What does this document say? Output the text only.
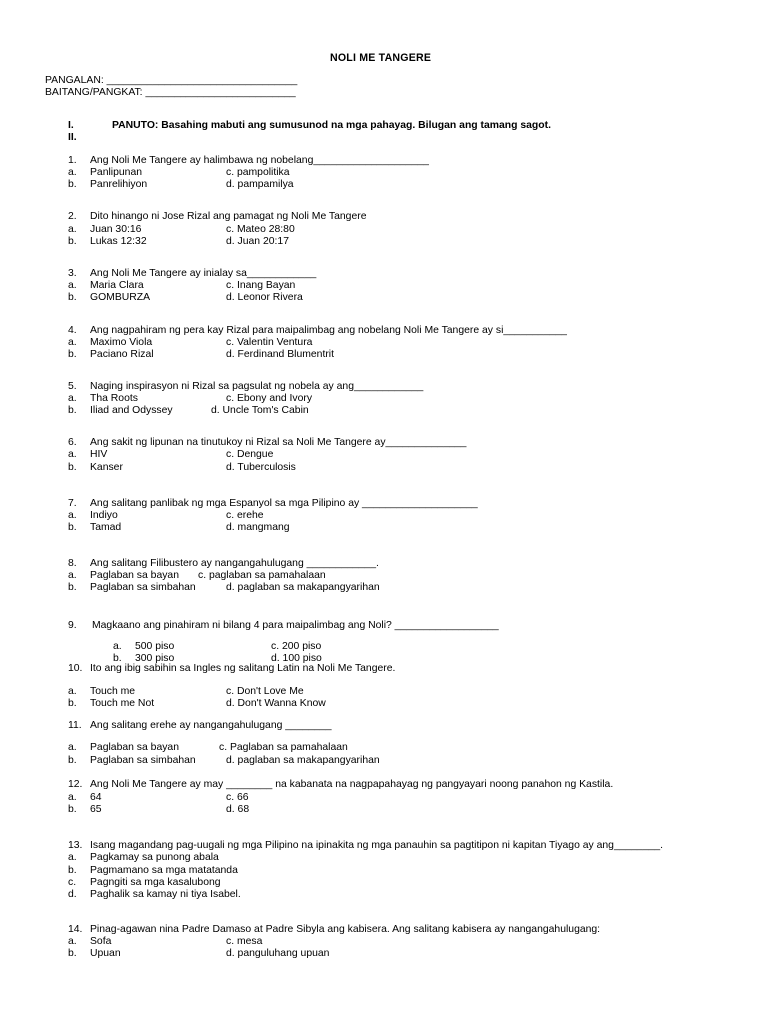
NOLI ME TANGERE
PANGALAN: _________________________________
BAITANG/PANGKAT: __________________________
I.
II.
PANUTO: Basahing mabuti ang sumusunod na mga pahayag. Bilugan ang tamang sagot.
1. Ang Noli Me Tangere ay halimbawa ng nobelang____________________
a. Panlipunan	c. pampolitika
b. Panrelihiyon	d. pampamilya
2. Dito hinango ni Jose Rizal ang pamagat ng Noli Me Tangere
a. Juan 30:16	c. Mateo 28:80
b. Lukas 12:32	d. Juan 20:17
3. Ang Noli Me Tangere ay inialay sa____________
a. Maria Clara	c. Inang Bayan
b. GOMBURZA	d. Leonor Rivera
4. Ang nagpahiram ng pera kay Rizal para maipalimbag ang nobelang Noli Me Tangere ay si___________
a. Maximo Viola	c. Valentin Ventura
b. Paciano Rizal	d. Ferdinand Blumentrit
5. Naging inspirasyon ni Rizal sa pagsulat ng nobela ay ang____________
a. Tha Roots	c. Ebony and Ivory
b. Iliad and Odyssey	d. Uncle Tom's Cabin
6. Ang sakit ng lipunan na tinutukoy ni Rizal sa Noli Me Tangere ay______________
a. HIV	c. Dengue
b. Kanser	d. Tuberculosis
7. Ang salitang panlibak ng mga Espanyol sa mga Pilipino ay ____________________
a. Indiyo	c. erehe
b. Tamad	d. mangmang
8. Ang salitang Filibustero ay nangangahulugang ____________.
a. Paglaban sa bayan c. paglaban sa pamahalaan
b. Paglaban sa simbahan	d. paglaban sa makapangyarihan
9. Magkaano ang pinahiram ni bilang 4 para maipalimbag ang Noli? __________________
a. 500 piso	c. 200 piso
b. 300 piso	d. 100 piso
10. Ito ang ibig sabihin sa Ingles ng salitang Latin na Noli Me Tangere.
a. Touch me	c. Don't Love Me
b. Touch me Not	d. Don't Wanna Know
11. Ang salitang erehe ay nangangahulugang ________
a. Paglaban sa bayan	c. Paglaban sa pamahalaan
b. Paglaban sa simbahan	d. paglaban sa makapangyarihan
12. Ang Noli Me Tangere ay may ________ na kabanata na nagpapahayag ng pangyayari noong panahon ng Kastila.
a. 64	c. 66
b. 65	d. 68
13. Isang magandang pag-uugali ng mga Pilipino na ipinakita ng mga panauhin sa pagtitipon ni kapitan Tiyago ay ang________.
a. Pagkamay sa punong abala
b. Pagmamano sa mga matatanda
c. Pagngiti sa mga kasalubong
d. Paghalik sa kamay ni tiya Isabel.
14. Pinag-agawan nina Padre Damaso at Padre Sibyla ang kabisera. Ang salitang kabisera ay nangangahulugang:
a. Sofa	c. mesa
b. Upuan	d. panguluhang upuan
